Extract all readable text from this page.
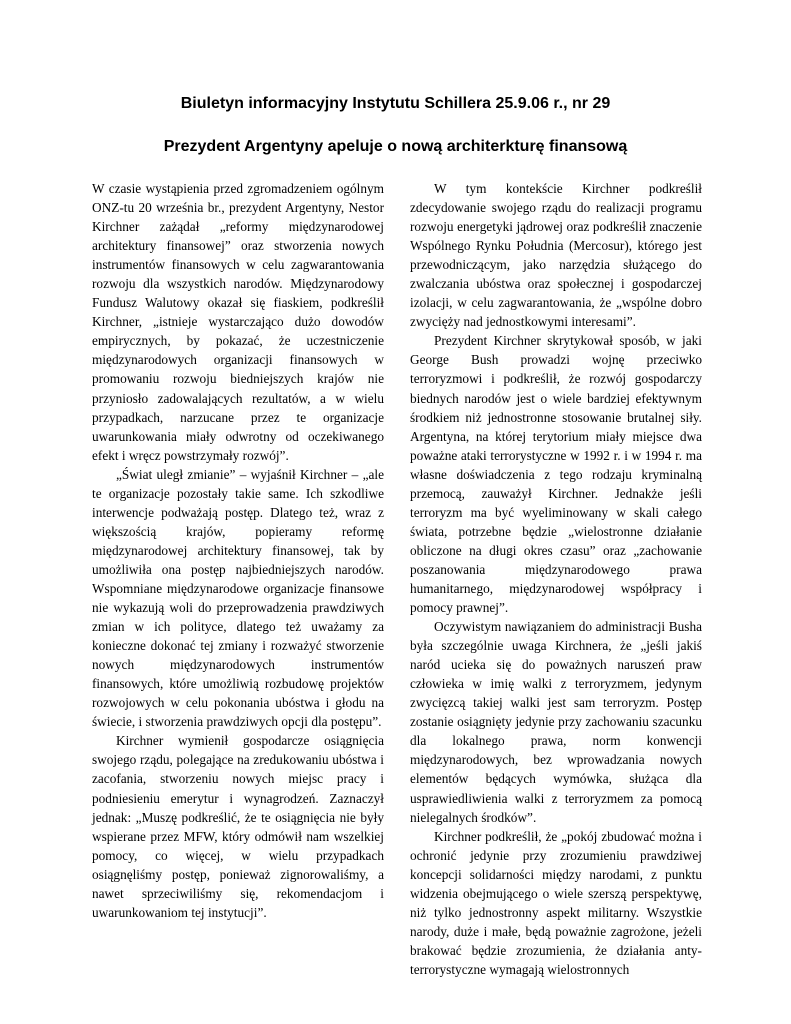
Biuletyn informacyjny Instytutu Schillera 25.9.06 r., nr 29
Prezydent Argentyny apeluje o nową architerkturę finansową

W czasie wystąpienia przed zgromadzeniem ogólnym ONZ-tu 20 września br., prezydent Argentyny, Nestor Kirchner zażądał „reformy międzynarodowej architektury finansowej” oraz stworzenia nowych instrumentów finansowych w celu zagwarantowania rozwoju dla wszystkich narodów. Międzynarodowy Fundusz Walutowy okazał się fiaskiem, podkreślił Kirchner, „istnieje wystarczająco dużo dowodów empirycznych, by pokazać, że uczestniczenie międzynarodowych organizacji finansowych w promowaniu rozwoju biedniejszych krajów nie przyniosło zadowalających rezultatów, a w wielu przypadkach, narzucane przez te organizacje uwarunkowania miały odwrotny od oczekiwanego efekt i wręcz powstrzymały rozwój”.

„Świat uległ zmianie” – wyjaśnił Kirchner – „ale te organizacje pozostały takie same. Ich szkodliwe interwencje podważają postęp. Dlatego też, wraz z większością krajów, popieramy reformę międzynarodowej architektury finansowej, tak by umożliwiła ona postęp najbiedniejszych narodów. Wspomniane międzynarodowe organizacje finansowe nie wykazują woli do przeprowadzenia prawdziwych zmian w ich polityce, dlatego też uważamy za konieczne dokonać tej zmiany i rozważyć stworzenie nowych międzynarodowych instrumentów finansowych, które umożliwią rozbudowę projektów rozwojowych w celu pokonania ubóstwa i głodu na świecie, i stworzenia prawdziwych opcji dla postępu”.

Kirchner wymienił gospodarcze osiągnięcia swojego rządu, polegające na zredukowaniu ubóstwa i zacofania, stworzeniu nowych miejsc pracy i podniesieniu emerytur i wynagrodzeń. Zaznaczył jednak: „Muszę podkreślić, że te osiągnięcia nie były wspierane przez MFW, który odmówił nam wszelkiej pomocy, co więcej, w wielu przypadkach osiągnęliśmy postęp, ponieważ zignorowaliśmy, a nawet sprzeciwiliśmy się, rekomendacjom i uwarunkowaniom tej instytucji”.

W tym kontekście Kirchner podkreślił zdecydowanie swojego rządu do realizacji programu rozwoju energetyki jądrowej oraz podkreślił znaczenie Wspólnego Rynku Południa (Mercosur), którego jest przewodniczącym, jako narzędzia służącego do zwalczania ubóstwa oraz społecznej i gospodarczej izolacji, w celu zagwarantowania, że „wspólne dobro zwycięży nad jednostkowymi interesami”.

Prezydent Kirchner skrytykował sposób, w jaki George Bush prowadzi wojnę przeciwko terroryzmowi i podkreślił, że rozwój gospodarczy biednych narodów jest o wiele bardziej efektywnym środkiem niż jednostronne stosowanie brutalnej siły. Argentyna, na której terytorium miały miejsce dwa poważne ataki terrorystyczne w 1992 r. i w 1994 r. ma własne doświadczenia z tego rodzaju kryminalną przemocą, zauważył Kirchner. Jednakże jeśli terroryzm ma być wyeliminowany w skali całego świata, potrzebne będzie „wielostronne działanie obliczone na długi okres czasu” oraz „zachowanie poszanowania międzynarodowego prawa humanitarnego, międzynarodowej współpracy i pomocy prawnej”.

Oczywistym nawiązaniem do administracji Busha była szczególnie uwaga Kirchnera, że „jeśli jakiś naród ucieka się do poważnych naruszeń praw człowieka w imię walki z terroryzmem, jedynym zwycięzcą takiej walki jest sam terroryzm. Postęp zostanie osiągnięty jedynie przy zachowaniu szacunku dla lokalnego prawa, norm konwencji międzynarodowych, bez wprowadzania nowych elementów będących wymówka, służąca dla usprawiedliwienia walki z terroryzmem za pomocą nielegalnych środków”.

Kirchner podkreślił, że „pokój zbudować można i ochronić jedynie przy zrozumieniu prawdziwej koncepcji solidarności między narodami, z punktu widzenia obejmującego o wiele szerszą perspektywę, niż tylko jednostronny aspekt militarny. Wszystkie narody, duże i małe, będą poważnie zagrożone, jeżeli brakować będzie zrozumienia, że działania anty-terrorystyczne wymagają wielostronnych
